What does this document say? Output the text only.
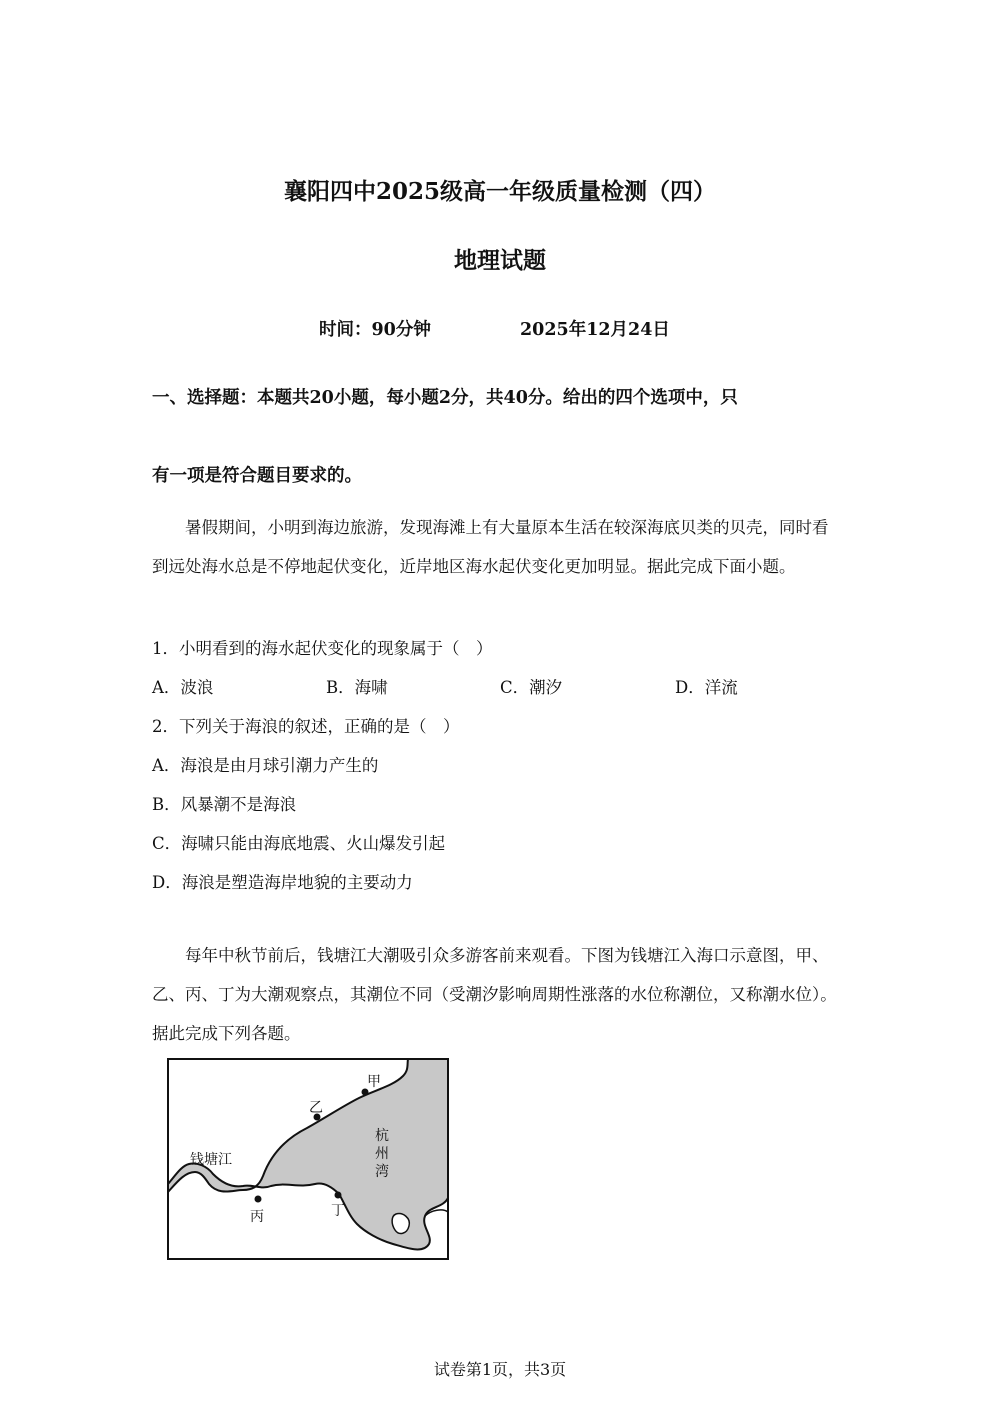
襄阳四中2025级高一年级质量检测（四）
地理试题
时间：90分钟	2025年12月24日
一、选择题：本题共20小题，每小题2分，共40分。给出的四个选项中，只
有一项是符合题目要求的。
暑假期间，小明到海边旅游，发现海滩上有大量原本生活在较深海底贝类的贝壳，同时看到远处海水总是不停地起伏变化，近岸地区海水起伏变化更加明显。据此完成下面小题。
1．小明看到的海水起伏变化的现象属于（　）
A．波浪	B．海啸	C．潮汐	D．洋流
2．下列关于海浪的叙述，正确的是（　）
A．海浪是由月球引潮力产生的
B．风暴潮不是海浪
C．海啸只能由海底地震、火山爆发引起
D．海浪是塑造海岸地貌的主要动力
每年中秋节前后，钱塘江大潮吸引众多游客前来观看。下图为钱塘江入海口示意图，甲、乙、丙、丁为大潮观察点，其潮位不同（受潮汐影响周期性涨落的水位称潮位，又称潮水位）。据此完成下列各题。
甲
乙
丙	丁
钱塘江
杭
州
湾
试卷第1页，共3页
